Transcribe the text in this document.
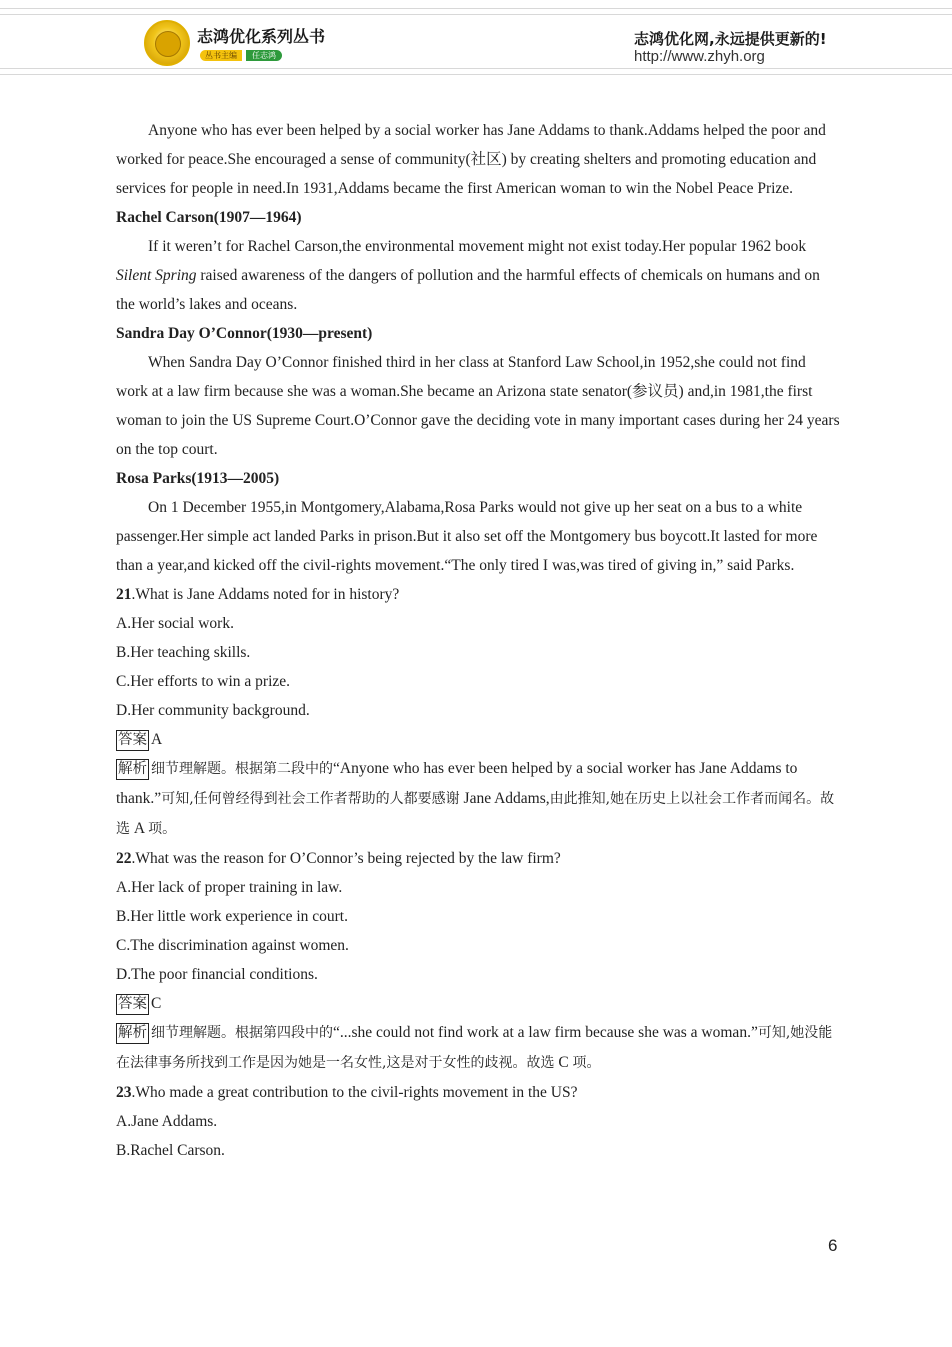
志鸿优化系列丛书
丛书主编	任志鸿
志鸿优化网,永远提供更新的!
http://www.zhyh.org

Anyone who has ever been helped by a social worker has Jane Addams to thank.Addams helped the poor and worked for peace.She encouraged a sense of community(社区) by creating shelters and promoting education and services for people in need.In 1931,Addams became the first American woman to win the Nobel Peace Prize.

Rachel Carson(1907—1964)

If it weren’t for Rachel Carson,the environmental movement might not exist today.Her popular 1962 book Silent Spring raised awareness of the dangers of pollution and the harmful effects of chemicals on humans and on the world’s lakes and oceans.

Sandra Day O’Connor(1930—present)

When Sandra Day O’Connor finished third in her class at Stanford Law School,in 1952,she could not find work at a law firm because she was a woman.She became an Arizona state senator(参议员) and,in 1981,the first woman to join the US Supreme Court.O’Connor gave the deciding vote in many important cases during her 24 years on the top court.

Rosa Parks(1913—2005)

On 1 December 1955,in Montgomery,Alabama,Rosa Parks would not give up her seat on a bus to a white passenger.Her simple act landed Parks in prison.But it also set off the Montgomery bus boycott.It lasted for more than a year,and kicked off the civil-rights movement.“The only tired I was,was tired of giving in,” said Parks.

21.What is Jane Addams noted for in history?

A.Her social work.

B.Her teaching skills.

C.Her efforts to win a prize.

D.Her community background.

答案 A

解析 细节理解题。根据第二段中的“Anyone who has ever been helped by a social worker has Jane Addams to thank.”可知,任何曾经得到社会工作者帮助的人都要感谢 Jane Addams,由此推知,她在历史上以社会工作者而闻名。故选 A 项。

22.What was the reason for O’Connor’s being rejected by the law firm?

A.Her lack of proper training in law.

B.Her little work experience in court.

C.The discrimination against women.

D.The poor financial conditions.

答案 C

解析 细节理解题。根据第四段中的“...she could not find work at a law firm because she was a woman.”可知,她没能在法律事务所找到工作是因为她是一名女性,这是对于女性的歧视。故选 C 项。

23.Who made a great contribution to the civil-rights movement in the US?

A.Jane Addams.

B.Rachel Carson.

6
